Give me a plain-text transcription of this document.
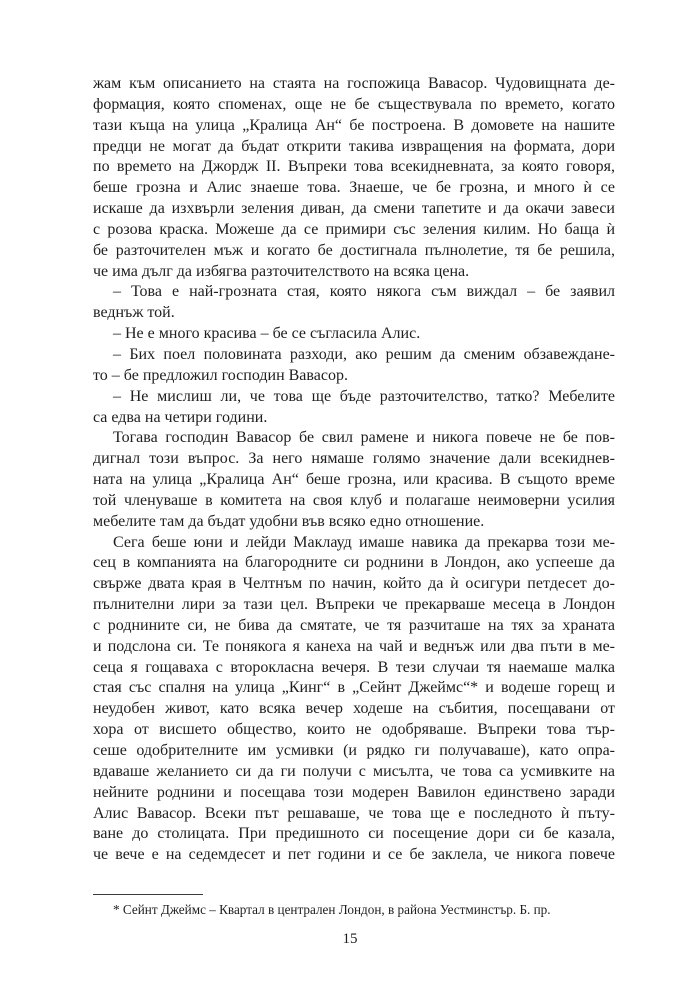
жам към описанието на стаята на госпожица Вавасор. Чудовищната де-
формация, която споменах, още не бе съществувала по времето, когато
тази къща на улица „Кралица Ан“ бе построена. В домовете на нашите
предци не могат да бъдат открити такива извращения на формата, дори
по времето на Джордж II. Въпреки това всекидневната, за която говоря,
беше грозна и Алис знаеше това. Знаеше, че бе грозна, и много ѝ се
искаше да изхвърли зеления диван, да смени тапетите и да окачи завеси
с розова краска. Можеше да се примири със зеления килим. Но баща ѝ
бе разточителен мъж и когато бе достигнала пълнолетие, тя бе решила,
че има дълг да избягва разточителството на всяка цена.
– Това е най-грозната стая, която някога съм виждал – бе заявил
веднъж той.
– Не е много красива – бе се съгласила Алис.
– Бих поел половината разходи, ако решим да сменим обзавеждане-
то – бе предложил господин Вавасор.
– Не мислиш ли, че това ще бъде разточителство, татко? Мебелите
са едва на четири години.
Тогава господин Вавасор бе свил рамене и никога повече не бе пов-
дигнал този въпрос. За него нямаше голямо значение дали всекиднев-
ната на улица „Кралица Ан“ беше грозна, или красива. В същото време
той членуваше в комитета на своя клуб и полагаше неимоверни усилия
мебелите там да бъдат удобни във всяко едно отношение.
Сега беше юни и лейди Маклауд имаше навика да прекарва този ме-
сец в компанията на благородните си роднини в Лондон, ако успееше да
свърже двата края в Челтнъм по начин, който да ѝ осигури петдесет до-
пълнителни лири за тази цел. Въпреки че прекарваше месеца в Лондон
с роднините си, не бива да смятате, че тя разчиташе на тях за храната
и подслона си. Те понякога я канеха на чай и веднъж или два пъти в ме-
сеца я гощаваха с второкласна вечеря. В тези случаи тя наемаше малка
стая със спалня на улица „Кинг“ в „Сейнт Джеймс“* и водеше горещ и
неудобен живот, като всяка вечер ходеше на събития, посещавани от
хора от висшето общество, които не одобряваше. Въпреки това тър-
сеше одобрителните им усмивки (и рядко ги получаваше), като опра-
вдаваше желанието си да ги получи с мисълта, че това са усмивките на
нейните роднини и посещава този модерен Вавилон единствено заради
Алис Вавасор. Всеки път решаваше, че това ще е последното ѝ пъту-
ване до столицата. При предишното си посещение дори си бе казала,
че вече е на седемдесет и пет години и се бе заклела, че никога повече
* Сейнт Джеймс – Квартал в централен Лондон, в района Уестминстър. Б. пр.
15
